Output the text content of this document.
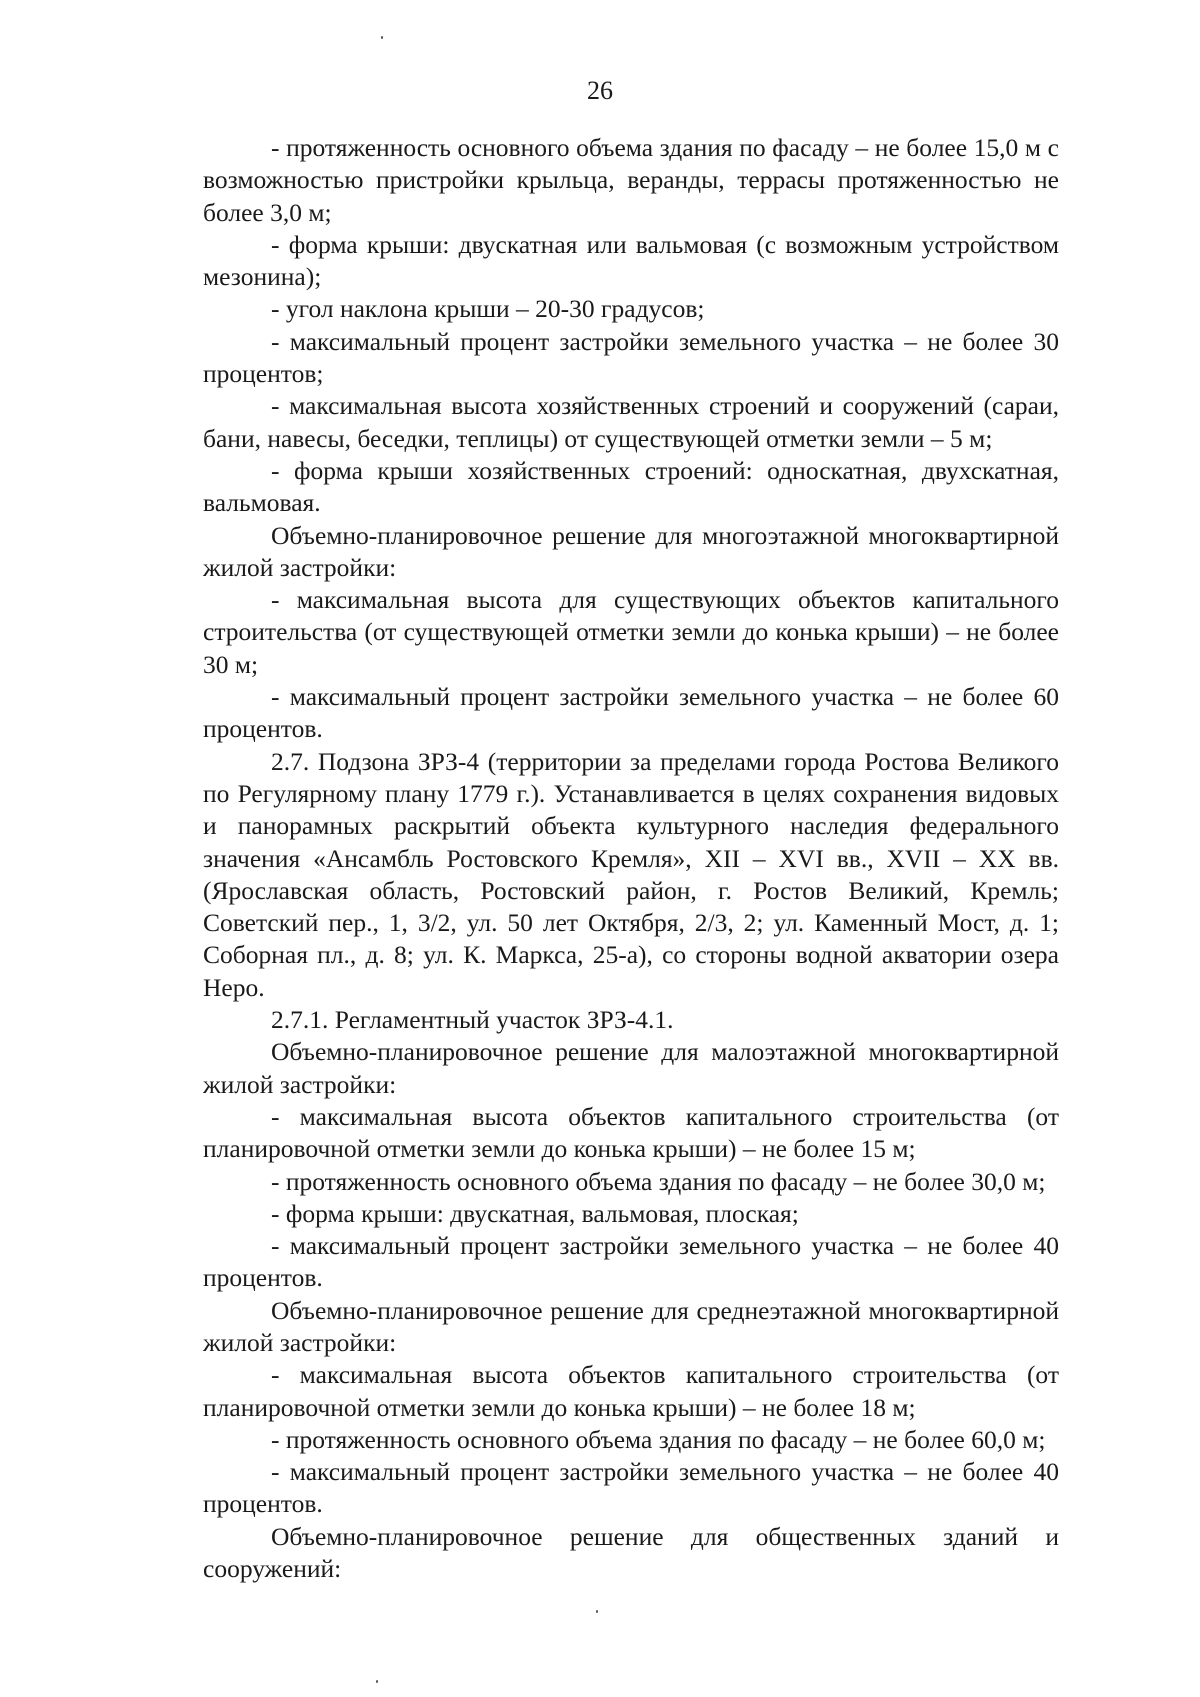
26

- протяженность основного объема здания по фасаду – не более 15,0 м с возможностью пристройки крыльца, веранды, террасы протяженностью не более 3,0 м;

- форма крыши: двускатная или вальмовая (с возможным устройством мезонина);

- угол наклона крыши – 20-30 градусов;

- максимальный процент застройки земельного участка – не более 30 процентов;

- максимальная высота хозяйственных строений и сооружений (сараи, бани, навесы, беседки, теплицы) от существующей отметки земли – 5 м;

- форма крыши хозяйственных строений: односкатная, двухскатная, вальмовая.

Объемно-планировочное решение для многоэтажной многоквартирной жилой застройки:

- максимальная высота для существующих объектов капитального строительства (от существующей отметки земли до конька крыши) – не более 30 м;

- максимальный процент застройки земельного участка – не более 60 процентов.

2.7. Подзона ЗРЗ-4 (территории за пределами города Ростова Великого по Регулярному плану 1779 г.). Устанавливается в целях сохранения видовых и панорамных раскрытий объекта культурного наследия федерального значения «Ансамбль Ростовского Кремля», XII – XVI вв., XVII – XX вв. (Ярославская область, Ростовский район, г. Ростов Великий, Кремль; Советский пер., 1, 3/2, ул. 50 лет Октября, 2/3, 2; ул. Каменный Мост, д. 1; Соборная пл., д. 8; ул. К. Маркса, 25-а), со стороны водной акватории озера Неро.

2.7.1. Регламентный участок ЗРЗ-4.1.

Объемно-планировочное решение для малоэтажной многоквартирной жилой застройки:

- максимальная высота объектов капитального строительства (от планировочной отметки земли до конька крыши) – не более 15 м;

- протяженность основного объема здания по фасаду – не более 30,0 м;

- форма крыши: двускатная, вальмовая, плоская;

- максимальный процент застройки земельного участка – не более 40 процентов.

Объемно-планировочное решение для среднеэтажной многоквартирной жилой застройки:

- максимальная высота объектов капитального строительства (от планировочной отметки земли до конька крыши) – не более 18 м;

- протяженность основного объема здания по фасаду – не более 60,0 м;

- максимальный процент застройки земельного участка – не более 40 процентов.

Объемно-планировочное решение для общественных зданий и сооружений:
